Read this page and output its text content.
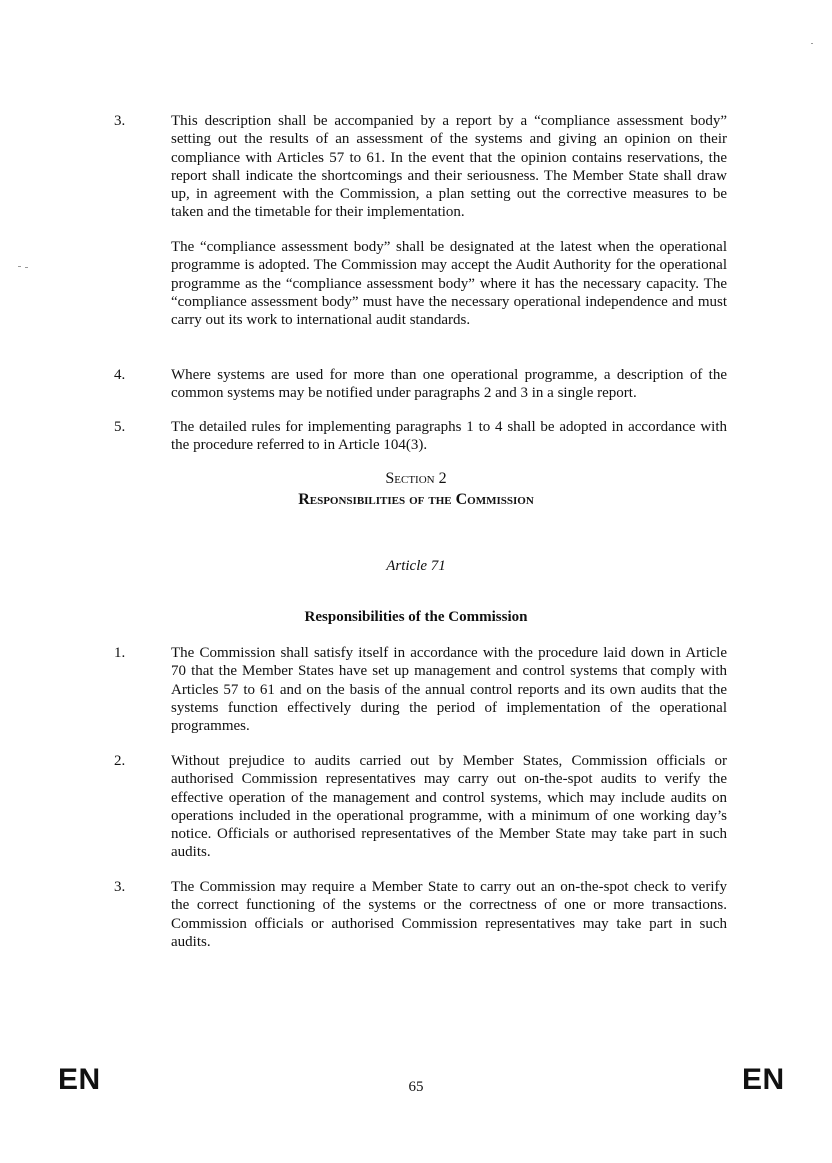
3.	This description shall be accompanied by a report by a “compliance assessment body” setting out the results of an assessment of the systems and giving an opinion on their compliance with Articles 57 to 61. In the event that the opinion contains reservations, the report shall indicate the shortcomings and their seriousness. The Member State shall draw up, in agreement with the Commission, a plan setting out the corrective measures to be taken and the timetable for their implementation.

The “compliance assessment body” shall be designated at the latest when the operational programme is adopted. The Commission may accept the Audit Authority for the operational programme as the “compliance assessment body” where it has the necessary capacity. The “compliance assessment body” must have the necessary operational independence and must carry out its work to international audit standards.

4.	Where systems are used for more than one operational programme, a description of the common systems may be notified under paragraphs 2 and 3 in a single report.

5.	The detailed rules for implementing paragraphs 1 to 4 shall be adopted in accordance with the procedure referred to in Article 104(3).

Section 2
Responsibilities of the Commission
Article 71
Responsibilities of the Commission
1.	The Commission shall satisfy itself in accordance with the procedure laid down in Article 70 that the Member States have set up management and control systems that comply with Articles 57 to 61 and on the basis of the annual control reports and its own audits that the systems function effectively during the period of implementation of the operational programmes.

2.	Without prejudice to audits carried out by Member States, Commission officials or authorised Commission representatives may carry out on-the-spot audits to verify the effective operation of the management and control systems, which may include audits on operations included in the operational programme, with a minimum of one working day’s notice. Officials or authorised representatives of the Member State may take part in such audits.

3.	The Commission may require a Member State to carry out an on-the-spot check to verify the correct functioning of the systems or the correctness of one or more transactions. Commission officials or authorised Commission representatives may take part in such audits.

EN	65	EN
